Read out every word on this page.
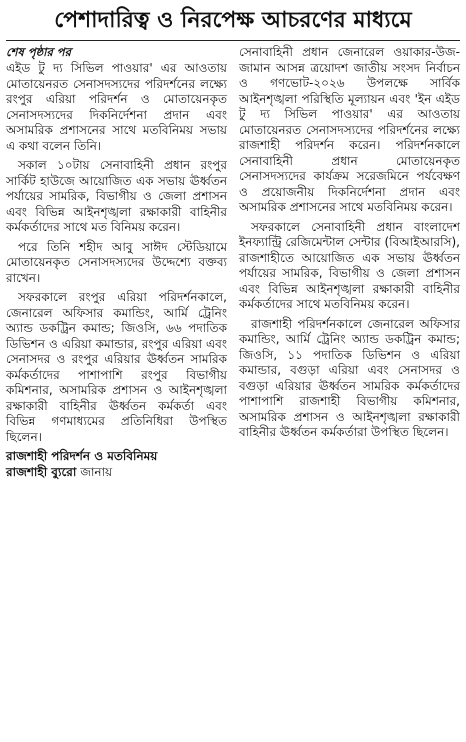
পেশাদারিত্ব ও নিরপেক্ষ আচরণের মাধ্যমে
শেষ পৃষ্ঠার পর

এইড টু দ্য সিভিল পাওয়ার' এর আওতায় মোতায়েনরত সেনাসদস্যদের পরিদর্শনের লক্ষ্যে রংপুর এরিয়া পরিদর্শন ও মোতায়েনকৃত সেনাসদস্যদের দিকনির্দেশনা প্রদান এবং অসামরিক প্রশাসনের সাথে মতবিনিময় সভায় এ কথা বলেন তিনি।

সকাল ১০টায় সেনাবাহিনী প্রধান রংপুর সার্কিট হাউজে আয়োজিত এক সভায় ঊর্ধ্বতন পর্যায়ের সামরিক, বিভাগীয় ও জেলা প্রশাসন এবং বিভিন্ন আইনশৃঙ্খলা রক্ষাকারী বাহিনীর কর্মকর্তাদের সাথে মত বিনিময় করেন।

পরে তিনি শহীদ আবু সাঈদ স্টেডিয়ামে মোতায়েনকৃত সেনাসদস্যদের উদ্দেশ্যে বক্তব্য রাখেন।

সফরকালে রংপুর এরিয়া পরিদর্শনকালে, জেনারেল অফিসার কমান্ডিং, আর্মি ট্রেনিং অ্যান্ড ডকট্রিন কমান্ড; জিওসি, ৬৬ পদাতিক ডিভিশন ও এরিয়া কমান্ডার, রংপুর এরিয়া এবং সেনাসদর ও রংপুর এরিয়ার ঊর্ধ্বতন সামরিক কর্মকর্তাদের পাশাপাশি রংপুর বিভাগীয় কমিশনার, অসামরিক প্রশাসন ও আইনশৃঙ্খলা রক্ষাকারী বাহিনীর ঊর্ধ্বতন কর্মকর্তা এবং বিভিন্ন গণমাধ্যমের প্রতিনিধিরা উপস্থিত ছিলেন।

রাজশাহী পরিদর্শন ও মতবিনিময়
রাজশাহী ব্যুরো জানায়

সেনাবাহিনী প্রধান জেনারেল ওয়াকার-উজ-জামান আসন্ন ত্রয়োদশ জাতীয় সংসদ নির্বাচন ও গণভোট-২০২৬ উপলক্ষে সার্বিক আইনশৃঙ্খলা পরিস্থিতি মূল্যায়ন এবং 'ইন এইড টু দ্য সিভিল পাওয়ার' এর আওতায় মোতায়েনরত সেনাসদস্যদের পরিদর্শনের লক্ষ্যে রাজশাহী পরিদর্শন করেন। পরিদর্শনকালে সেনাবাহিনী প্রধান মোতায়েনকৃত সেনাসদস্যদের কার্যক্রম সরেজমিনে পর্যবেক্ষণ ও প্রয়োজনীয় দিকনির্দেশনা প্রদান এবং অসামরিক প্রশাসনের সাথে মতবিনিময় করেন।

সফরকালে সেনাবাহিনী প্রধান বাংলাদেশ ইনফ্যান্ট্রি রেজিমেন্টাল সেন্টার (বিআইআরসি), রাজশাহীতে আয়োজিত এক সভায় ঊর্ধ্বতন পর্যায়ের সামরিক, বিভাগীয় ও জেলা প্রশাসন এবং বিভিন্ন আইনশৃঙ্খলা রক্ষাকারী বাহিনীর কর্মকর্তাদের সাথে মতবিনিময় করেন।

রাজশাহী পরিদর্শনকালে জেনারেল অফিসার কমান্ডিং, আর্মি ট্রেনিং অ্যান্ড ডকট্রিন কমান্ড; জিওসি, ১১ পদাতিক ডিভিশন ও এরিয়া কমান্ডার, বগুড়া এরিয়া এবং সেনাসদর ও বগুড়া এরিয়ার ঊর্ধ্বতন সামরিক কর্মকর্তাদের পাশাপাশি রাজশাহী বিভাগীয় কমিশনার, অসামরিক প্রশাসন ও আইনশৃঙ্খলা রক্ষাকারী বাহিনীর ঊর্ধ্বতন কর্মকর্তারা উপস্থিত ছিলেন।
